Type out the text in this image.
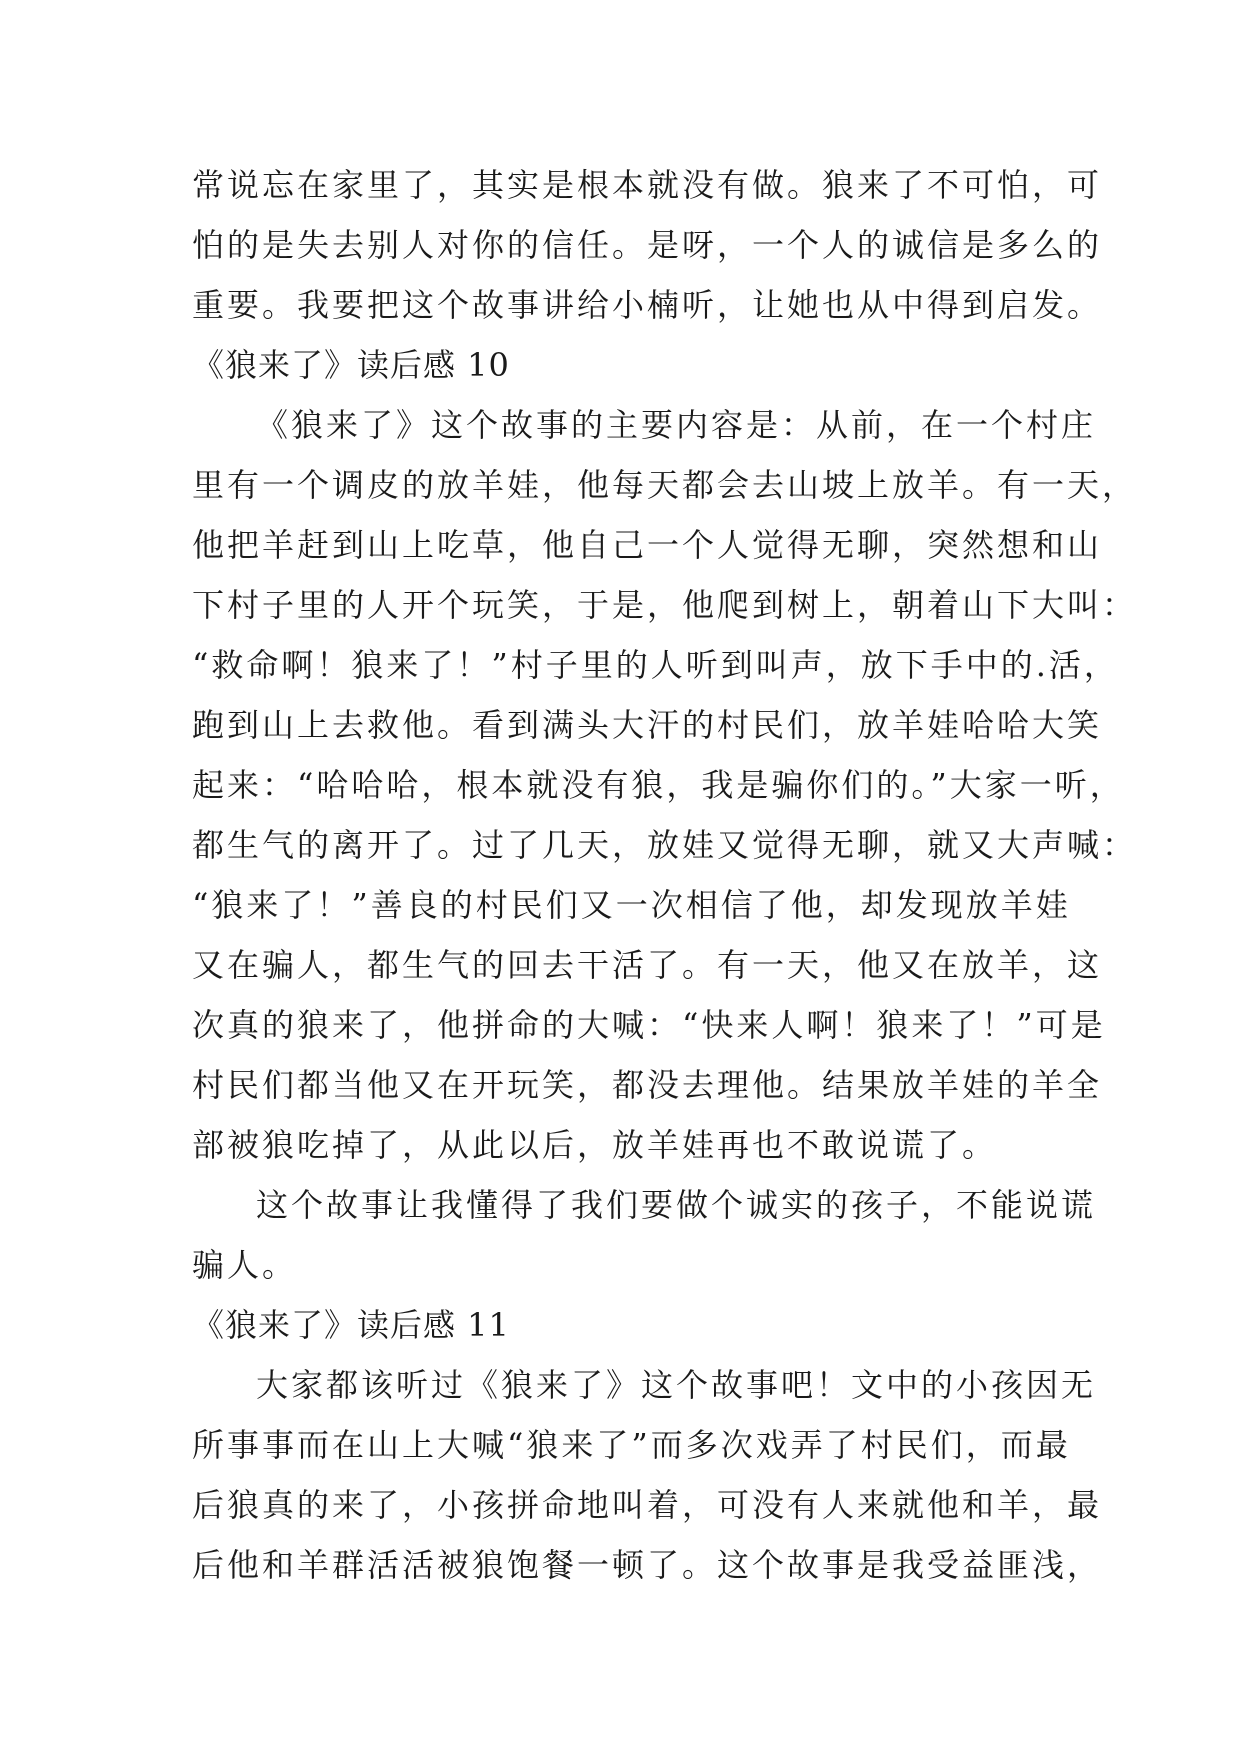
常说忘在家里了，其实是根本就没有做。狼来了不可怕，可
怕的是失去别人对你的信任。是呀，一个人的诚信是多么的
重要。我要把这个故事讲给小楠听，让她也从中得到启发。
《狼来了》读后感 10
《狼来了》这个故事的主要内容是：从前，在一个村庄
里有一个调皮的放羊娃，他每天都会去山坡上放羊。有一天，
他把羊赶到山上吃草，他自己一个人觉得无聊，突然想和山
下村子里的人开个玩笑，于是，他爬到树上，朝着山下大叫：
“救命啊！狼来了！”村子里的人听到叫声，放下手中的.活，
跑到山上去救他。看到满头大汗的村民们，放羊娃哈哈大笑
起来：“哈哈哈，根本就没有狼，我是骗你们的。”大家一听，
都生气的离开了。过了几天，放娃又觉得无聊，就又大声喊：
“狼来了！”善良的村民们又一次相信了他，却发现放羊娃
又在骗人，都生气的回去干活了。有一天，他又在放羊，这
次真的狼来了，他拼命的大喊：“快来人啊！狼来了！”可是
村民们都当他又在开玩笑，都没去理他。结果放羊娃的羊全
部被狼吃掉了，从此以后，放羊娃再也不敢说谎了。
这个故事让我懂得了我们要做个诚实的孩子，不能说谎
骗人。
《狼来了》读后感 11
大家都该听过《狼来了》这个故事吧！文中的小孩因无
所事事而在山上大喊“狼来了”而多次戏弄了村民们，而最
后狼真的来了，小孩拼命地叫着，可没有人来就他和羊，最
后他和羊群活活被狼饱餐一顿了。这个故事是我受益匪浅，
